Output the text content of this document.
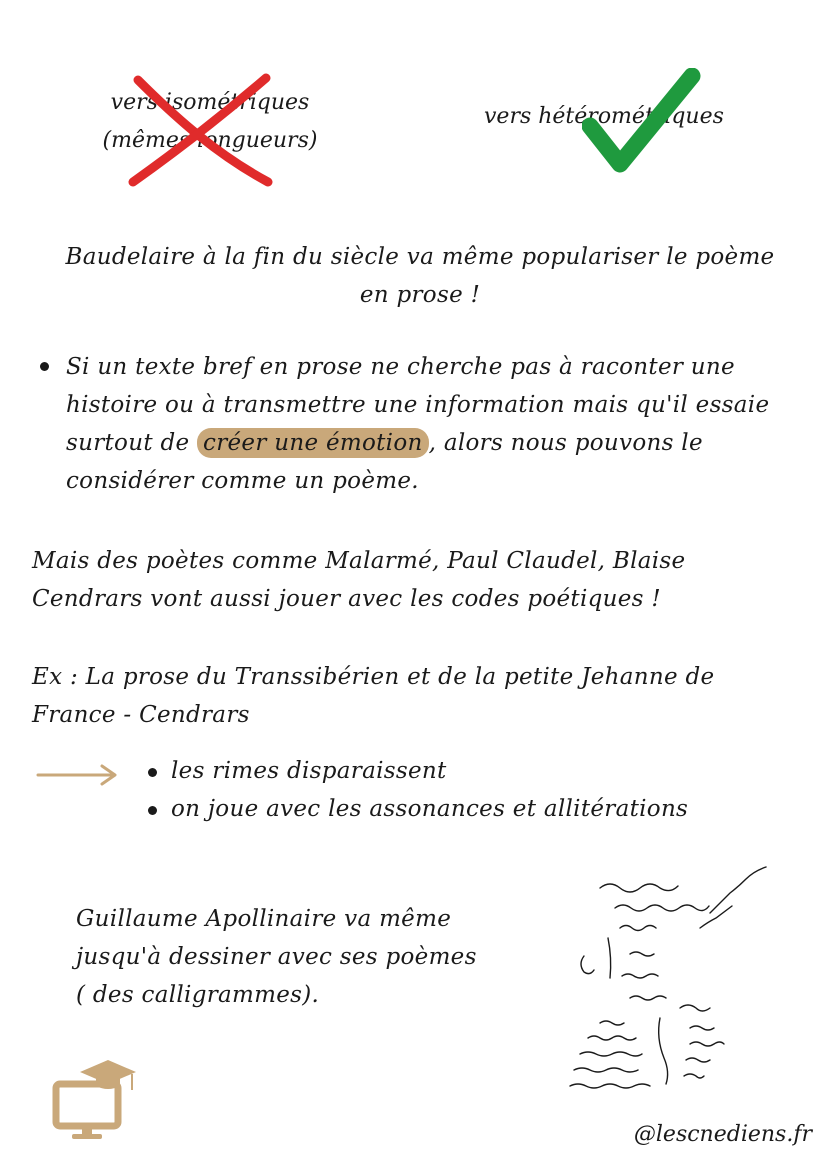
vers isométriques
(mêmes longueurs)
vers hétérométriques
Baudelaire à la fin du siècle va même populariser le poème
en prose !
Si un texte bref en prose ne cherche pas à raconter une histoire ou à transmettre une information mais qu'il essaie surtout de créer une émotion , alors nous pouvons le considérer comme un poème.
Mais des poètes comme Malarmé, Paul Claudel, Blaise
Cendrars vont aussi jouer avec les codes poétiques !
Ex : La prose du Transsibérien et de la petite Jehanne de
France - Cendrars
les rimes disparaissent
on joue avec les assonances et allitérations
Guillaume Apollinaire va même
jusqu'à dessiner avec ses poèmes
( des calligrammes).
@lescnediens.fr
